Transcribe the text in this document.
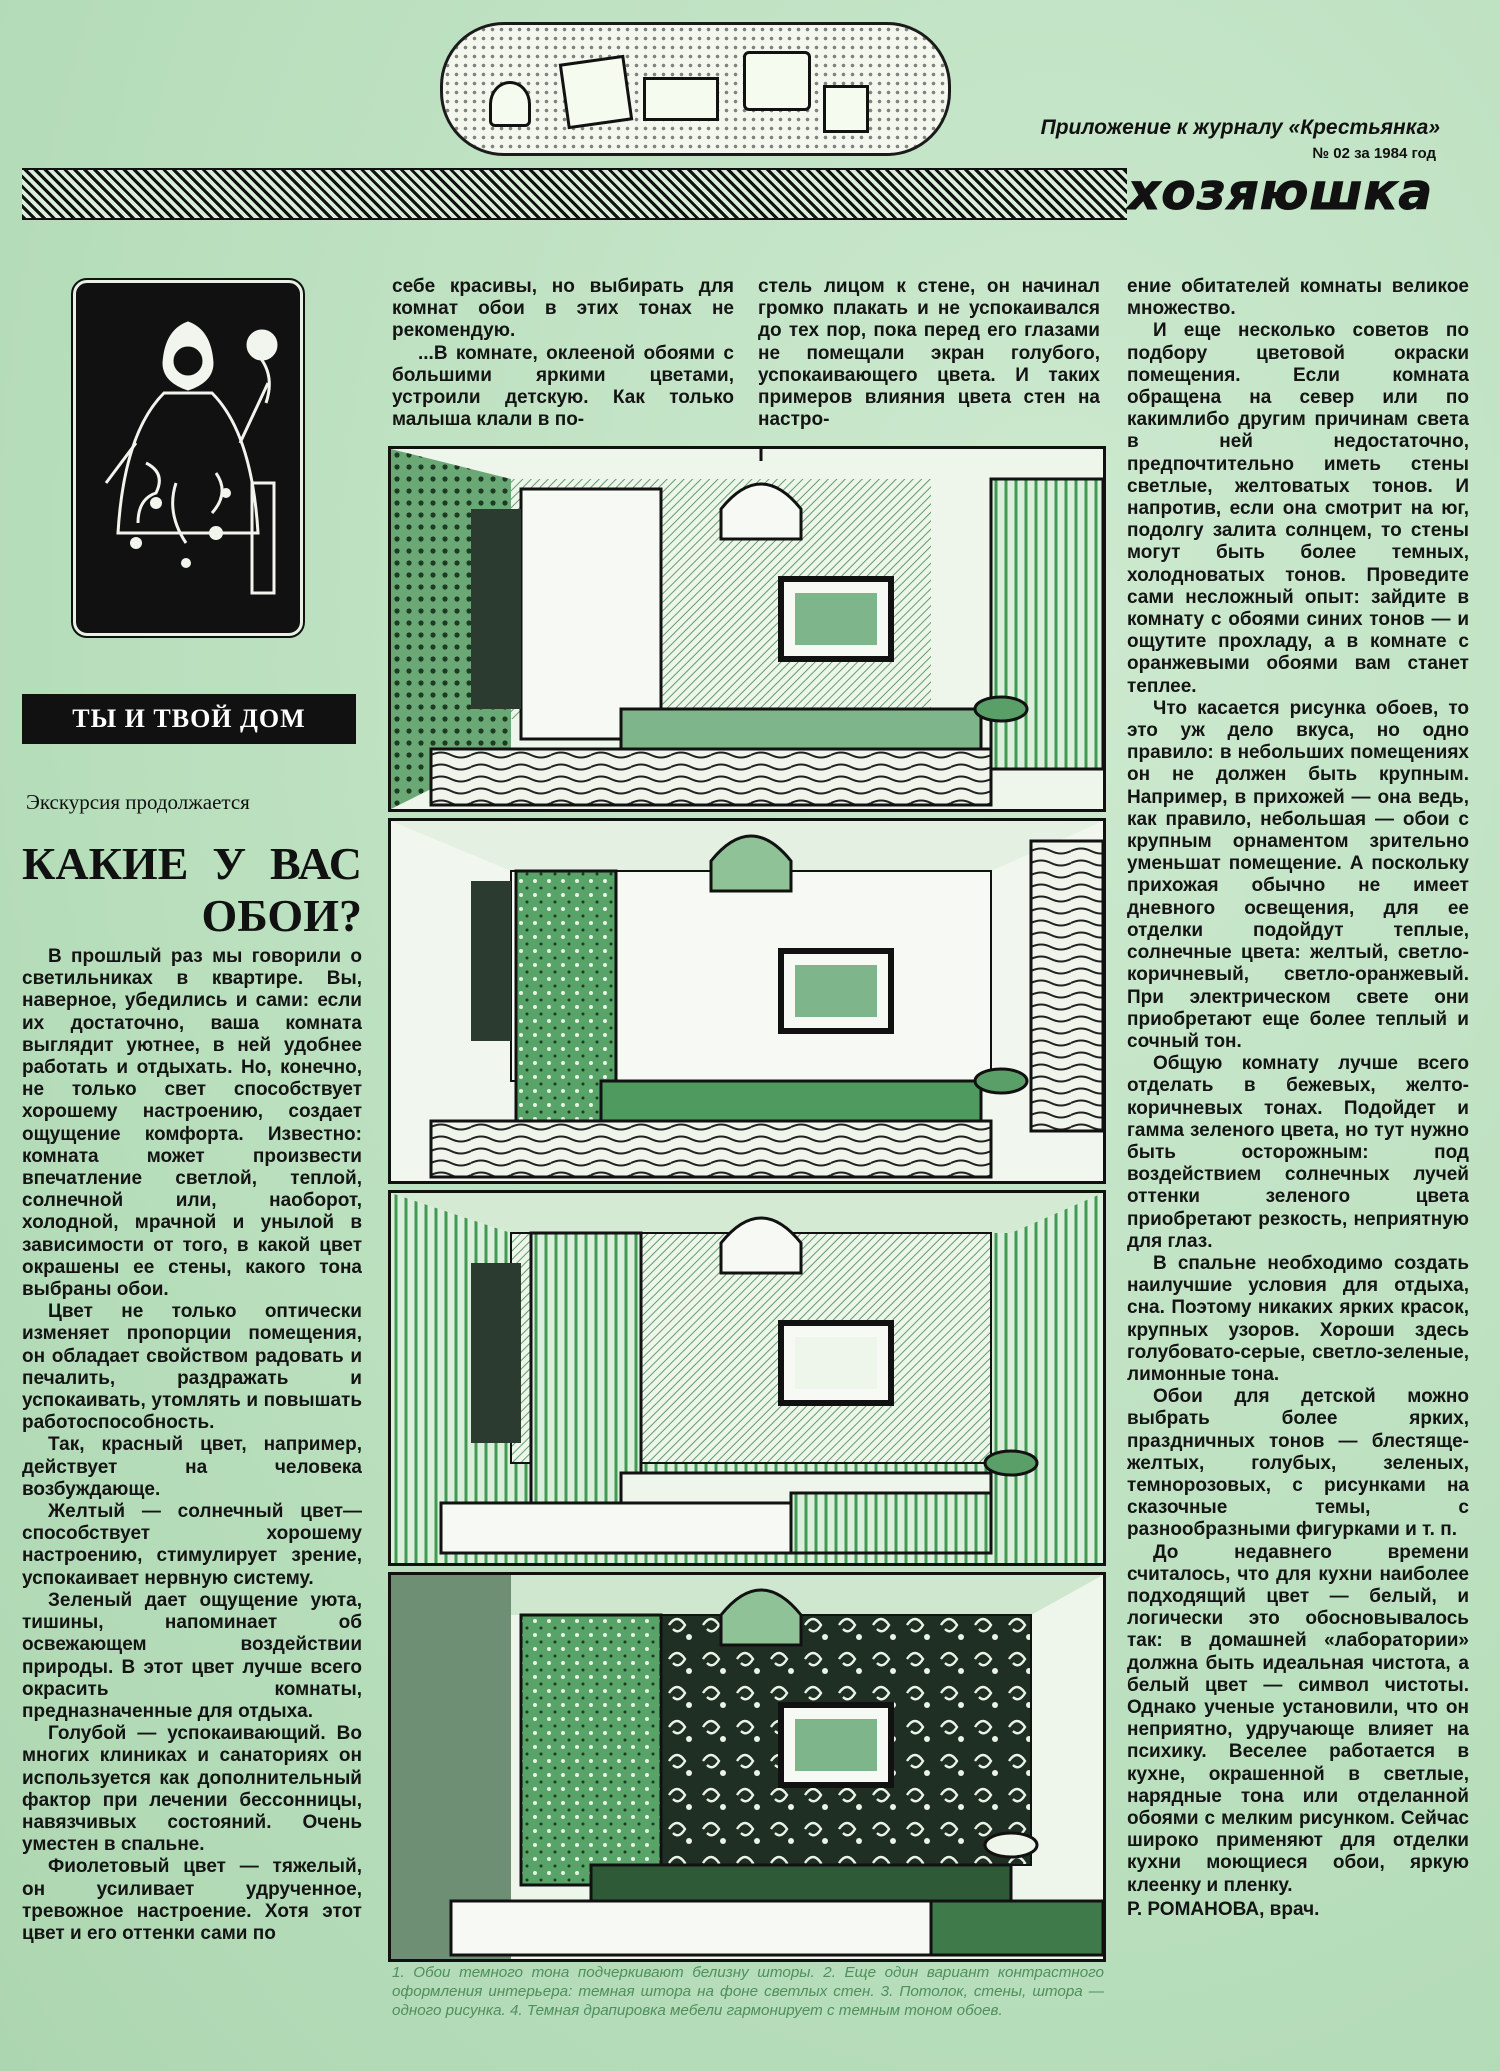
Приложение к журналу «Крестьянка»
№ 02 за 1984 год
хозяюшка
ТЫ И ТВОЙ ДОМ
Экскурсия продолжается
КАКИЕ У ВАС
ОБОИ?

В прошлый раз мы говорили о светильниках в квартире. Вы, наверное, убедились и сами: если их достаточно, ваша комната выглядит уютнее, в ней удобнее работать и отдыхать. Но, конечно, не только свет способствует хорошему настроению, создает ощущение комфорта. Известно: комната может произвести впечатление светлой, теплой, солнечной или, наоборот, холодной, мрачной и унылой в зависимости от того, в какой цвет окрашены ее стены, какого тона выбраны обои.

Цвет не только оптически изменяет пропорции помещения, он обладает свойством радовать и печалить, раздражать и успокаивать, утомлять и повышать работоспособность.

Так, красный цвет, например, действует на человека возбуждающе.

Желтый — солнечный цвет— способствует хорошему настроению, стимулирует зрение, успокаивает нервную систему.

Зеленый дает ощущение уюта, тишины, напоминает об освежающем воздействии природы. В этот цвет лучше всего окрасить комнаты, предназначенные для отдыха.

Голубой — успокаивающий. Во многих клиниках и санаториях он используется как дополнительный фактор при лечении бессонницы, навязчивых состояний. Очень уместен в спальне.

Фиолетовый цвет — тяжелый, он усиливает удрученное, тревожное настроение. Хотя этот цвет и его оттенки сами по

себе красивы, но выбирать для комнат обои в этих тонах не рекомендую.

...В комнате, оклееной обоями с большими яркими цветами, устроили детскую. Как только малыша клали в по-

стель лицом к стене, он начинал громко плакать и не успокаивался до тех пор, пока перед его глазами не помещали экран голубого, успокаивающего цвета. И таких примеров влияния цвета стен на настро-

ение обитателей комнаты великое множество.

И еще несколько советов по подбору цветовой окраски помещения. Если комната обращена на север или по какимлибо другим причинам света в ней недостаточно, предпочтительно иметь стены светлые, желтоватых тонов. И напротив, если она смотрит на юг, подолгу залита солнцем, то стены могут быть более темных, холодноватых тонов. Проведите сами несложный опыт: зайдите в комнату с обоями синих тонов — и ощутите прохладу, а в комнате с оранжевыми обоями вам станет теплее.

Что касается рисунка обоев, то это уж дело вкуса, но одно правило: в небольших помещениях он не должен быть крупным. Например, в прихожей — она ведь, как правило, небольшая — обои с крупным орнаментом зрительно уменьшат помещение. А поскольку прихожая обычно не имеет дневного освещения, для ее отделки подойдут теплые, солнечные цвета: желтый, светло-коричневый, светло-оранжевый. При электрическом свете они приобретают еще более теплый и сочный тон.

Общую комнату лучше всего отделать в бежевых, желто-коричневых тонах. Подойдет и гамма зеленого цвета, но тут нужно быть осторожным: под воздействием солнечных лучей оттенки зеленого цвета приобретают резкость, неприятную для глаз.

В спальне необходимо создать наилучшие условия для отдыха, сна. Поэтому никаких ярких красок, крупных узоров. Хороши здесь голубовато-серые, светло-зеленые, лимонные тона.

Обои для детской можно выбрать более ярких, праздничных тонов — блестяще-желтых, голубых, зеленых, темнорозовых, с рисунками на сказочные темы, с разнообразными фигурками и т. п.

До недавнего времени считалось, что для кухни наиболее подходящий цвет — белый, и логически это обосновывалось так: в домашней «лаборатории» должна быть идеальная чистота, а белый цвет — символ чистоты. Однако ученые установили, что он неприятно, удручающе влияет на психику. Веселее работается в кухне, окрашенной в светлые, нарядные тона или отделанной обоями с мелким рисунком. Сейчас широко применяют для отделки кухни моющиеся обои, яркую клеенку и пленку.

Р. РОМАНОВА, врач.

1. Обои темного тона подчеркивают белизну шторы. 2. Еще один вариант контрастного оформления интерьера: темная штора на фоне светлых стен. 3. Потолок, стены, штора — одного рисунка. 4. Темная драпировка мебели гармонирует с темным тоном обоев.
